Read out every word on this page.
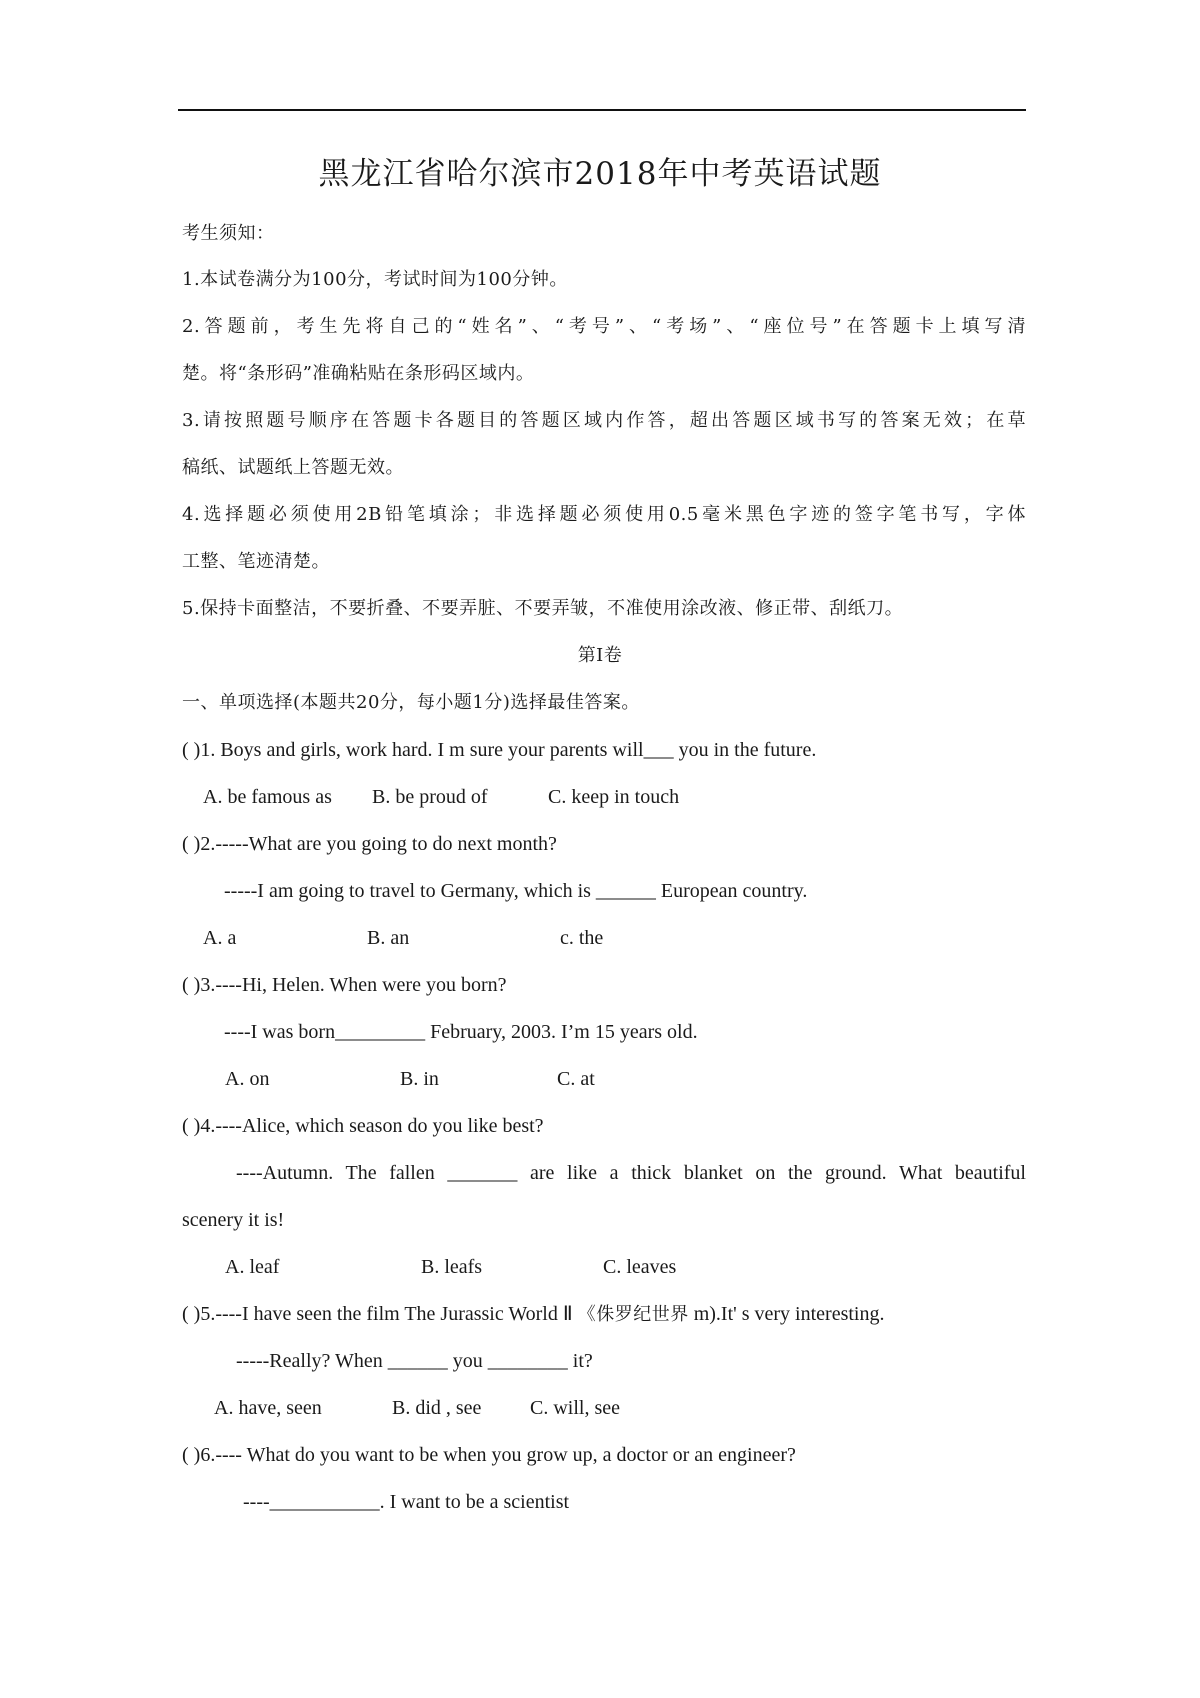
黑龙江省哈尔滨市2018年中考英语试题
考生须知：
1.本试卷满分为100分，考试时间为100分钟。
2.答题前，考生先将自己的“姓名”、“考号”、“考场”、“座位号”在答题卡上填写清
楚。将“条形码”准确粘贴在条形码区域内。
3.请按照题号顺序在答题卡各题目的答题区域内作答，超出答题区域书写的答案无效；在草
稿纸、试题纸上答题无效。
4.选择题必须使用2B铅笔填涂；非选择题必须使用0.5毫米黑色字迹的签字笔书写，字体
工整、笔迹清楚。
5.保持卡面整洁，不要折叠、不要弄脏、不要弄皱，不准使用涂改液、修正带、刮纸刀。
第Ⅰ卷
一、单项选择(本题共20分，每小题1分)选择最佳答案。
( )1. Boys and girls, work hard. I m sure your parents will___ you in the future.
A. be famous as B. be proud of	C. keep in touch
( )2.-----What are you going to do next month?
-----I am going to travel to Germany, which is ______ European country.
A. a	B. an	c. the
( )3.----Hi, Helen. When were you born?
----I was born_________ February, 2003. I’m 15 years old.
A. on	B. in	C. at
( )4.----Alice, which season do you like best?
----Autumn. The fallen _______ are like a thick blanket on the ground. What beautiful
scenery it is!
A. leaf	B. leafs	C. leaves
( )5.----I have seen the film The Jurassic World Ⅱ 《侏罗纪世界 m).It' s very interesting.
-----Really? When ______ you ________ it?
A. have, seen	B. did , see C. will, see
( )6.---- What do you want to be when you grow up, a doctor or an engineer?
----___________. I want to be a scientist
